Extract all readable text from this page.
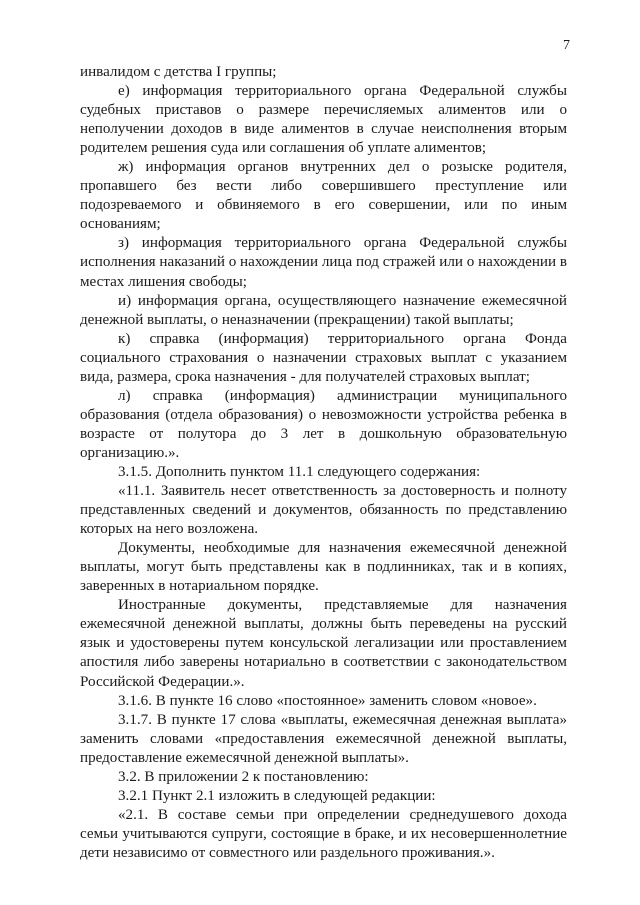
7

инвалидом с детства I группы;

е) информация территориального органа Федеральной службы судебных приставов о размере перечисляемых алиментов или о неполучении доходов в виде алиментов в случае неисполнения вторым родителем решения суда или соглашения об уплате алиментов;

ж) информация органов внутренних дел о розыске родителя, пропавшего без вести либо совершившего преступление или подозреваемого и обвиняемого в его совершении, или по иным основаниям;

з) информация территориального органа Федеральной службы исполнения наказаний о нахождении лица под стражей или о нахождении в местах лишения свободы;

и) информация органа, осуществляющего назначение ежемесячной денежной выплаты, о неназначении (прекращении) такой выплаты;

к) справка (информация) территориального органа Фонда социального страхования о назначении страховых выплат с указанием вида, размера, срока назначения - для получателей страховых выплат;

л) справка (информация) администрации муниципального образования (отдела образования) о невозможности устройства ребенка в возрасте от полутора до 3 лет в дошкольную образовательную организацию.».

3.1.5. Дополнить пунктом 11.1 следующего содержания:

«11.1. Заявитель несет ответственность за достоверность и полноту представленных сведений и документов, обязанность по представлению которых на него возложена.

Документы, необходимые для назначения ежемесячной денежной выплаты, могут быть представлены как в подлинниках, так и в копиях, заверенных в нотариальном порядке.

Иностранные документы, представляемые для назначения ежемесячной денежной выплаты, должны быть переведены на русский язык и удостоверены путем консульской легализации или проставлением апостиля либо заверены нотариально в соответствии с законодательством Российской Федерации.».

3.1.6. В пункте 16 слово «постоянное» заменить словом «новое».

3.1.7. В пункте 17 слова «выплаты, ежемесячная денежная выплата» заменить словами «предоставления ежемесячной денежной выплаты, предоставление ежемесячной денежной выплаты».

3.2. В приложении 2 к постановлению:

3.2.1 Пункт 2.1 изложить в следующей редакции:

«2.1. В составе семьи при определении среднедушевого дохода семьи учитываются супруги, состоящие в браке, и их несовершеннолетние дети независимо от совместного или раздельного проживания.».
